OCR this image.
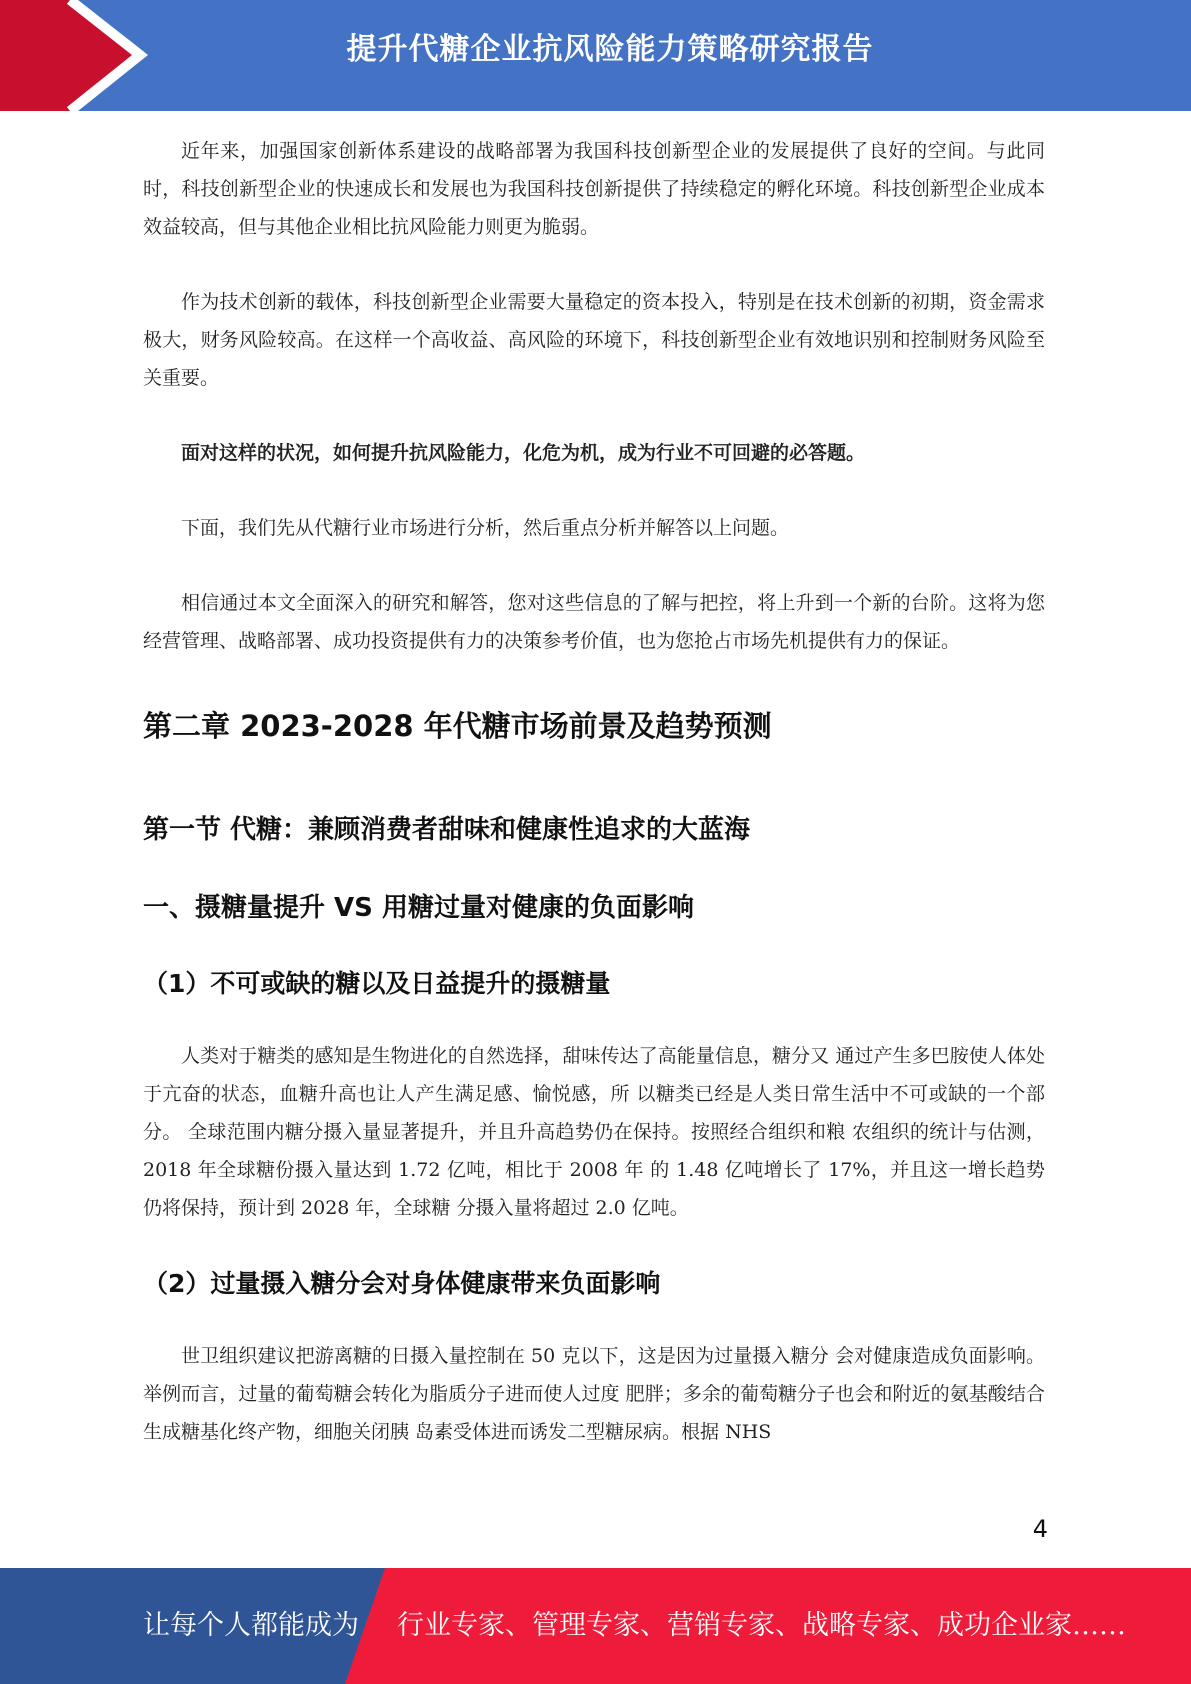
提升代糖企业抗风险能力策略研究报告

近年来，加强国家创新体系建设的战略部署为我国科技创新型企业的发展提供了良好的空间。与此同时，科技创新型企业的快速成长和发展也为我国科技创新提供了持续稳定的孵化环境。科技创新型企业成本效益较高，但与其他企业相比抗风险能力则更为脆弱。

作为技术创新的载体，科技创新型企业需要大量稳定的资本投入，特别是在技术创新的初期，资金需求极大，财务风险较高。在这样一个高收益、高风险的环境下，科技创新型企业有效地识别和控制财务风险至关重要。

面对这样的状况，如何提升抗风险能力，化危为机，成为行业不可回避的必答题。

下面，我们先从代糖行业市场进行分析，然后重点分析并解答以上问题。

相信通过本文全面深入的研究和解答，您对这些信息的了解与把控，将上升到一个新的台阶。这将为您经营管理、战略部署、成功投资提供有力的决策参考价值，也为您抢占市场先机提供有力的保证。

第二章 2023-2028 年代糖市场前景及趋势预测
第一节 代糖：兼顾消费者甜味和健康性追求的大蓝海
一、摄糖量提升 VS 用糖过量对健康的负面影响
（1）不可或缺的糖以及日益提升的摄糖量

人类对于糖类的感知是生物进化的自然选择，甜味传达了高能量信息，糖分又 通过产生多巴胺使人体处于亢奋的状态，血糖升高也让人产生满足感、愉悦感，所 以糖类已经是人类日常生活中不可或缺的一个部分。 全球范围内糖分摄入量显著提升，并且升高趋势仍在保持。按照经合组织和粮 农组织的统计与估测，2018 年全球糖份摄入量达到 1.72 亿吨，相比于 2008 年 的 1.48 亿吨增长了 17%，并且这一增长趋势仍将保持，预计到 2028 年，全球糖 分摄入量将超过 2.0 亿吨。

（2）过量摄入糖分会对身体健康带来负面影响

世卫组织建议把游离糖的日摄入量控制在 50 克以下，这是因为过量摄入糖分 会对健康造成负面影响。举例而言，过量的葡萄糖会转化为脂质分子进而使人过度 肥胖；多余的葡萄糖分子也会和附近的氨基酸结合生成糖基化终产物，细胞关闭胰 岛素受体进而诱发二型糖尿病。根据 NHS

4
让每个人都能成为 行业专家、管理专家、营销专家、战略专家、成功企业家……
